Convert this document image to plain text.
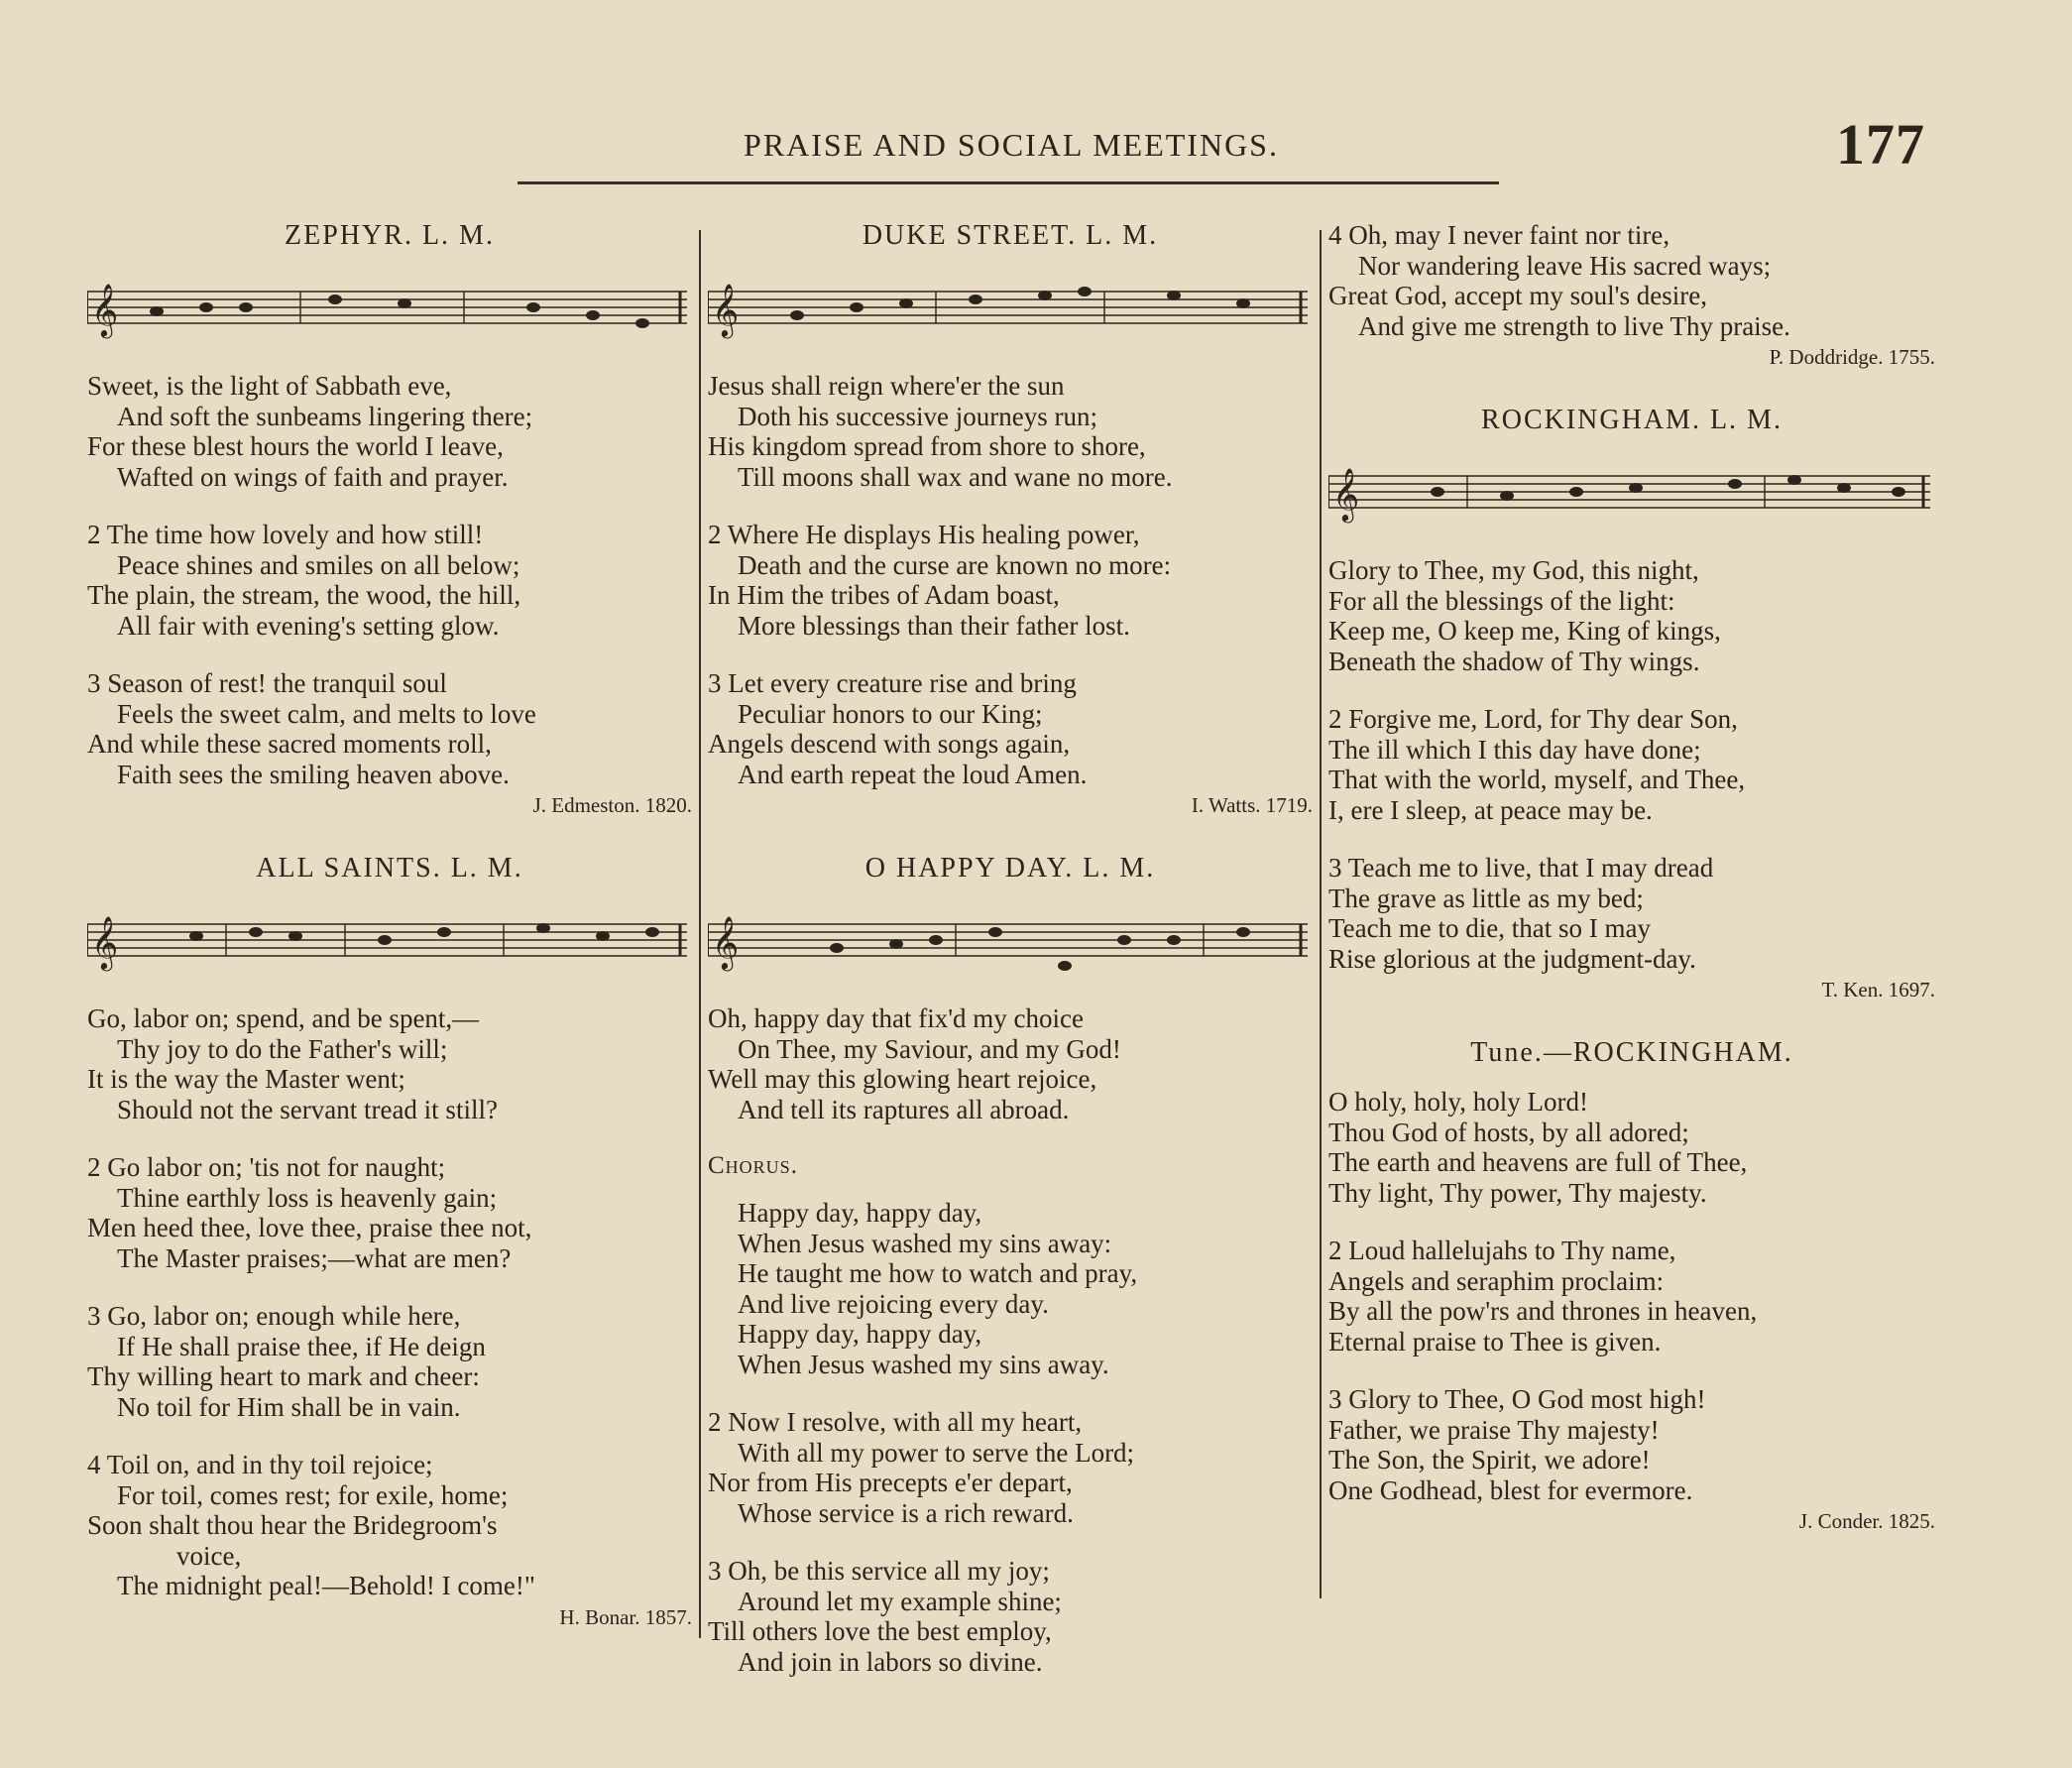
PRAISE AND SOCIAL MEETINGS.	177
ZEPHYR. L. M.
𝄞
Sweet, is the light of Sabbath eve,
And soft the sunbeams lingering there;
For these blest hours the world I leave,
Wafted on wings of faith and prayer.
2 The time how lovely and how still!
Peace shines and smiles on all below;
The plain, the stream, the wood, the hill,
All fair with evening's setting glow.
3 Season of rest! the tranquil soul
Feels the sweet calm, and melts to love
And while these sacred moments roll,
Faith sees the smiling heaven above.
J. Edmeston. 1820.
ALL SAINTS. L. M.
𝄞
Go, labor on; spend, and be spent,—
Thy joy to do the Father's will;
It is the way the Master went;
Should not the servant tread it still?
2 Go labor on; 'tis not for naught;
Thine earthly loss is heavenly gain;
Men heed thee, love thee, praise thee not,
The Master praises;—what are men?
3 Go, labor on; enough while here,
If He shall praise thee, if He deign
Thy willing heart to mark and cheer:
No toil for Him shall be in vain.
4 Toil on, and in thy toil rejoice;
For toil, comes rest; for exile, home;
Soon shalt thou hear the Bridegroom's
voice,
The midnight peal!—Behold! I come!"
H. Bonar. 1857.
DUKE STREET. L. M.
𝄞
Jesus shall reign where'er the sun
Doth his successive journeys run;
His kingdom spread from shore to shore,
Till moons shall wax and wane no more.
2 Where He displays His healing power,
Death and the curse are known no more:
In Him the tribes of Adam boast,
More blessings than their father lost.
3 Let every creature rise and bring
Peculiar honors to our King;
Angels descend with songs again,
And earth repeat the loud Amen.
I. Watts. 1719.
O HAPPY DAY. L. M.
𝄞
Oh, happy day that fix'd my choice
On Thee, my Saviour, and my God!
Well may this glowing heart rejoice,
And tell its raptures all abroad.
Chorus.
Happy day, happy day,
When Jesus washed my sins away:
He taught me how to watch and pray,
And live rejoicing every day.
Happy day, happy day,
When Jesus washed my sins away.
2 Now I resolve, with all my heart,
With all my power to serve the Lord;
Nor from His precepts e'er depart,
Whose service is a rich reward.
3 Oh, be this service all my joy;
Around let my example shine;
Till others love the best employ,
And join in labors so divine.
4 Oh, may I never faint nor tire,
Nor wandering leave His sacred ways;
Great God, accept my soul's desire,
And give me strength to live Thy praise.
P. Doddridge. 1755.
ROCKINGHAM. L. M.
𝄞
Glory to Thee, my God, this night,
For all the blessings of the light:
Keep me, O keep me, King of kings,
Beneath the shadow of Thy wings.
2 Forgive me, Lord, for Thy dear Son,
The ill which I this day have done;
That with the world, myself, and Thee,
I, ere I sleep, at peace may be.
3 Teach me to live, that I may dread
The grave as little as my bed;
Teach me to die, that so I may
Rise glorious at the judgment-day.
T. Ken. 1697.
Tune.—ROCKINGHAM.
O holy, holy, holy Lord!
Thou God of hosts, by all adored;
The earth and heavens are full of Thee,
Thy light, Thy power, Thy majesty.
2 Loud hallelujahs to Thy name,
Angels and seraphim proclaim:
By all the pow'rs and thrones in heaven,
Eternal praise to Thee is given.
3 Glory to Thee, O God most high!
Father, we praise Thy majesty!
The Son, the Spirit, we adore!
One Godhead, blest for evermore.
J. Conder. 1825.
